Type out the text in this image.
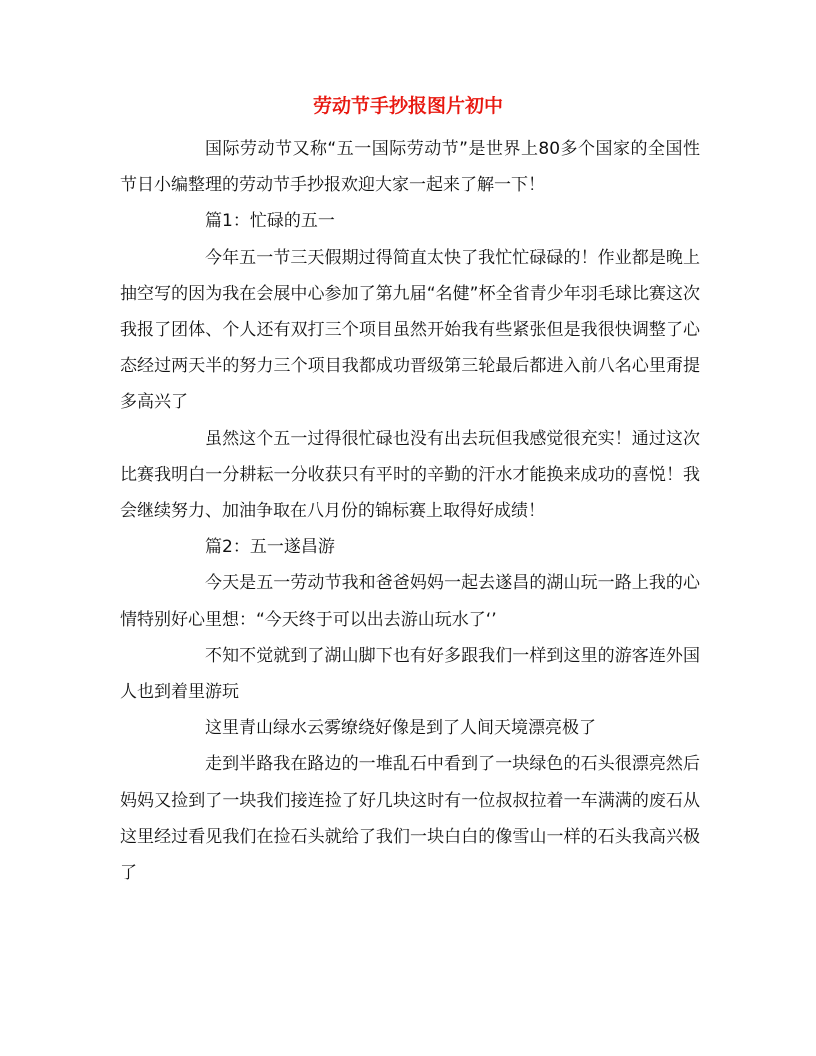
劳动节手抄报图片初中

国际劳动节又称“五一国际劳动节”是世界上80多个国家的全国性节日小编整理的劳动节手抄报欢迎大家一起来了解一下！

篇1：忙碌的五一

今年五一节三天假期过得简直太快了我忙忙碌碌的！作业都是晚上抽空写的因为我在会展中心参加了第九届“名健”杯全省青少年羽毛球比赛这次我报了团体、个人还有双打三个项目虽然开始我有些紧张但是我很快调整了心态经过两天半的努力三个项目我都成功晋级第三轮最后都进入前八名心里甭提多高兴了

虽然这个五一过得很忙碌也没有出去玩但我感觉很充实！通过这次比赛我明白一分耕耘一分收获只有平时的辛勤的汗水才能换来成功的喜悦！我会继续努力、加油争取在八月份的锦标赛上取得好成绩！

篇2：五一遂昌游

今天是五一劳动节我和爸爸妈妈一起去遂昌的湖山玩一路上我的心情特别好心里想：“今天终于可以出去游山玩水了‘’

不知不觉就到了湖山脚下也有好多跟我们一样到这里的游客连外国人也到着里游玩

这里青山绿水云雾缭绕好像是到了人间天境漂亮极了

走到半路我在路边的一堆乱石中看到了一块绿色的石头很漂亮然后妈妈又捡到了一块我们接连捡了好几块这时有一位叔叔拉着一车满满的废石从这里经过看见我们在捡石头就给了我们一块白白的像雪山一样的石头我高兴极了
